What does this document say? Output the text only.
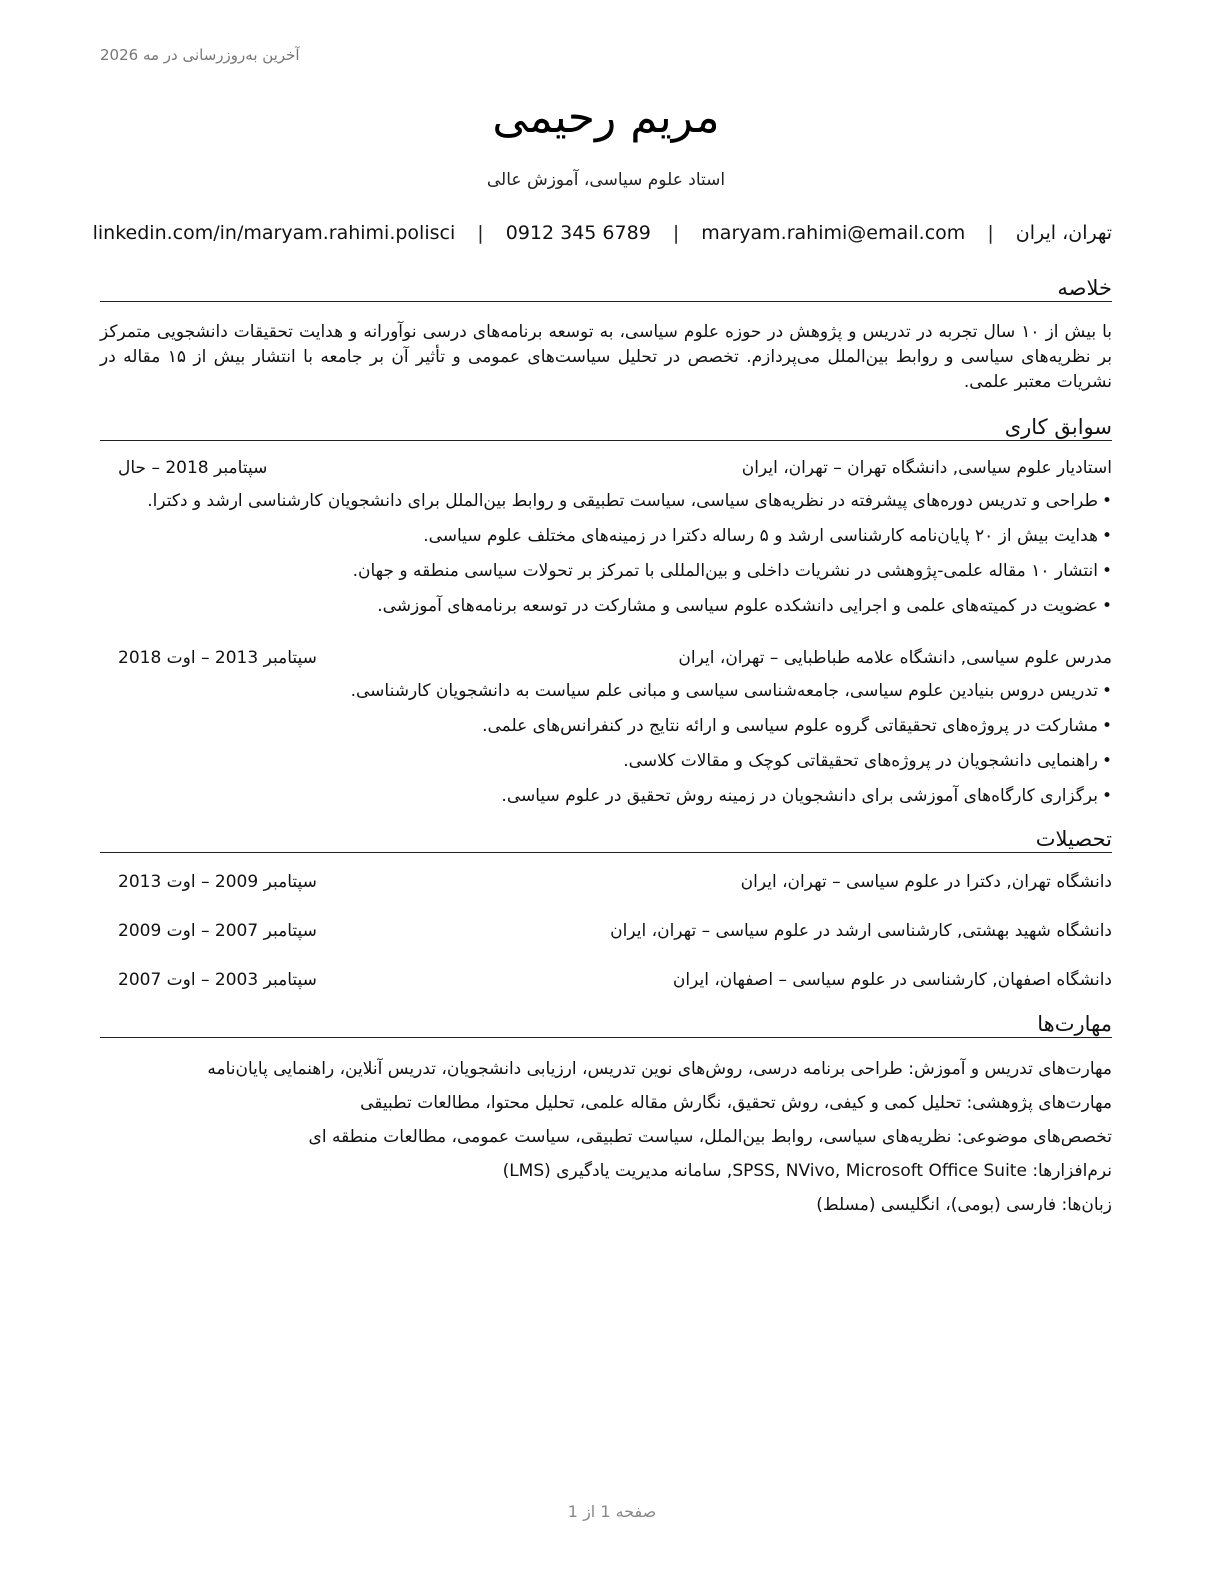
آخرین به‌روزرسانی در مه 2026
مریم رحیمی
استاد علوم سیاسی، آموزش عالی
تهران، ایران | maryam.rahimi@email.com | 0912 345 6789 | linkedin.com/in/maryam.rahimi.polisci
خلاصه

با بیش از ۱۰ سال تجربه در تدریس و پژوهش در حوزه علوم سیاسی، به توسعه برنامه‌های درسی نوآورانه و هدایت تحقیقات دانشجویی متمرکز بر نظریه‌های سیاسی و روابط بین‌الملل می‌پردازم. تخصص در تحلیل سیاست‌های عمومی و تأثیر آن بر جامعه با انتشار بیش از ۱۵ مقاله در نشریات معتبر علمی.

سوابق کاری
استادیار علوم سیاسی, دانشگاه تهران – تهران، ایران
سپتامبر 2018 – حال
•طراحی و تدریس دوره‌های پیشرفته در نظریه‌های سیاسی، سیاست تطبیقی و روابط بین‌الملل برای دانشجویان کارشناسی ارشد و دکترا.
•هدایت بیش از ۲۰ پایان‌نامه کارشناسی ارشد و ۵ رساله دکترا در زمینه‌های مختلف علوم سیاسی.
•انتشار ۱۰ مقاله علمی-پژوهشی در نشریات داخلی و بین‌المللی با تمرکز بر تحولات سیاسی منطقه و جهان.
•عضویت در کمیته‌های علمی و اجرایی دانشکده علوم سیاسی و مشارکت در توسعه برنامه‌های آموزشی.
مدرس علوم سیاسی, دانشگاه علامه طباطبایی – تهران، ایران
سپتامبر 2013 – اوت 2018
•تدریس دروس بنیادین علوم سیاسی، جامعه‌شناسی سیاسی و مبانی علم سیاست به دانشجویان کارشناسی.
•مشارکت در پروژه‌های تحقیقاتی گروه علوم سیاسی و ارائه نتایج در کنفرانس‌های علمی.
•راهنمایی دانشجویان در پروژه‌های تحقیقاتی کوچک و مقالات کلاسی.
•برگزاری کارگاه‌های آموزشی برای دانشجویان در زمینه روش تحقیق در علوم سیاسی.
تحصیلات
دانشگاه تهران, دکترا در علوم سیاسی – تهران، ایران
سپتامبر 2009 – اوت 2013
دانشگاه شهید بهشتی, کارشناسی ارشد در علوم سیاسی – تهران، ایران
سپتامبر 2007 – اوت 2009
دانشگاه اصفهان, کارشناسی در علوم سیاسی – اصفهان، ایران
سپتامبر 2003 – اوت 2007
مهارت‌ها
مهارت‌های تدریس و آموزش: طراحی برنامه درسی، روش‌های نوین تدریس، ارزیابی دانشجویان، تدریس آنلاین، راهنمایی پایان‌نامه
مهارت‌های پژوهشی: تحلیل کمی و کیفی، روش تحقیق، نگارش مقاله علمی، تحلیل محتوا، مطالعات تطبیقی
تخصص‌های موضوعی: نظریه‌های سیاسی، روابط بین‌الملل، سیاست تطبیقی، سیاست عمومی، مطالعات منطقه ای
نرم‌افزارها: SPSS, NVivo, Microsoft Office Suite, سامانه مدیریت یادگیری (LMS)
زبان‌ها: فارسی (بومی)، انگلیسی (مسلط)
صفحه 1 از 1
